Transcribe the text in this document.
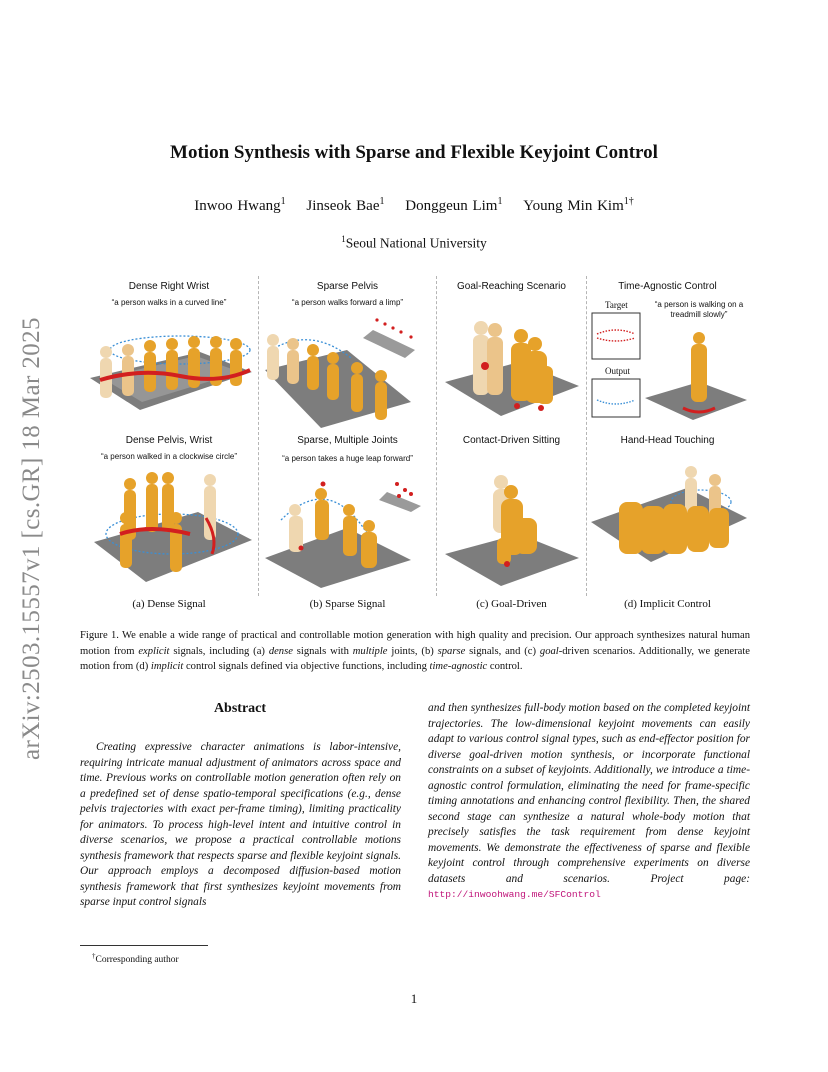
arXiv:2503.15557v1 [cs.GR] 18 Mar 2025
Motion Synthesis with Sparse and Flexible Keyjoint Control
Inwoo Hwang$^1$ Jinseok Bae$^1$ Donggeun Lim$^1$ Young Min Kim$^{1\dagger}$
$^1$Seoul National University
Dense Right Wrist
“a person walks in a curved line”
Dense Pelvis, Wrist
“a person walked in a clockwise circle”
(a) Dense Signal
Sparse Pelvis
“a person walks forward a limp”
Sparse, Multiple Joints
“a person takes a huge leap forward”
(b) Sparse Signal
Goal-Reaching Scenario
Contact-Driven Sitting
(c) Goal-Driven
Time-Agnostic Control
Target	“a person is walking on a treadmill slowly”
Output
Hand-Head Touching
(d) Implicit Control
Figure 1. We enable a wide range of practical and controllable motion generation with high quality and precision. Our approach synthesizes natural human motion from explicit signals, including (a) dense signals with multiple joints, (b) sparse signals, and (c) goal-driven scenarios. Additionally, we generate motion from (d) implicit control signals defined via objective functions, including time-agnostic control.
Abstract
Creating expressive character animations is labor-intensive, requiring intricate manual adjustment of animators across space and time. Previous works on controllable motion generation often rely on a predefined set of dense spatio-temporal specifications (e.g., dense pelvis trajectories with exact per-frame timing), limiting practicality for animators. To process high-level intent and intuitive control in diverse scenarios, we propose a practical controllable motions synthesis framework that respects sparse and flexible keyjoint signals. Our approach employs a decomposed diffusion-based motion synthesis framework that first synthesizes keyjoint movements from sparse input control signals
and then synthesizes full-body motion based on the completed keyjoint trajectories. The low-dimensional keyjoint movements can easily adapt to various control signal types, such as end-effector position for diverse goal-driven motion synthesis, or incorporate functional constraints on a subset of keyjoints. Additionally, we introduce a time-agnostic control formulation, eliminating the need for frame-specific timing annotations and enhancing control flexibility. Then, the shared second stage can synthesize a natural whole-body motion that precisely satisfies the task requirement from dense keyjoint movements. We demonstrate the effectiveness of sparse and flexible keyjoint control through comprehensive experiments on diverse datasets and scenarios. Project page: http://inwoohwang.me/SFControl
†Corresponding author
1
